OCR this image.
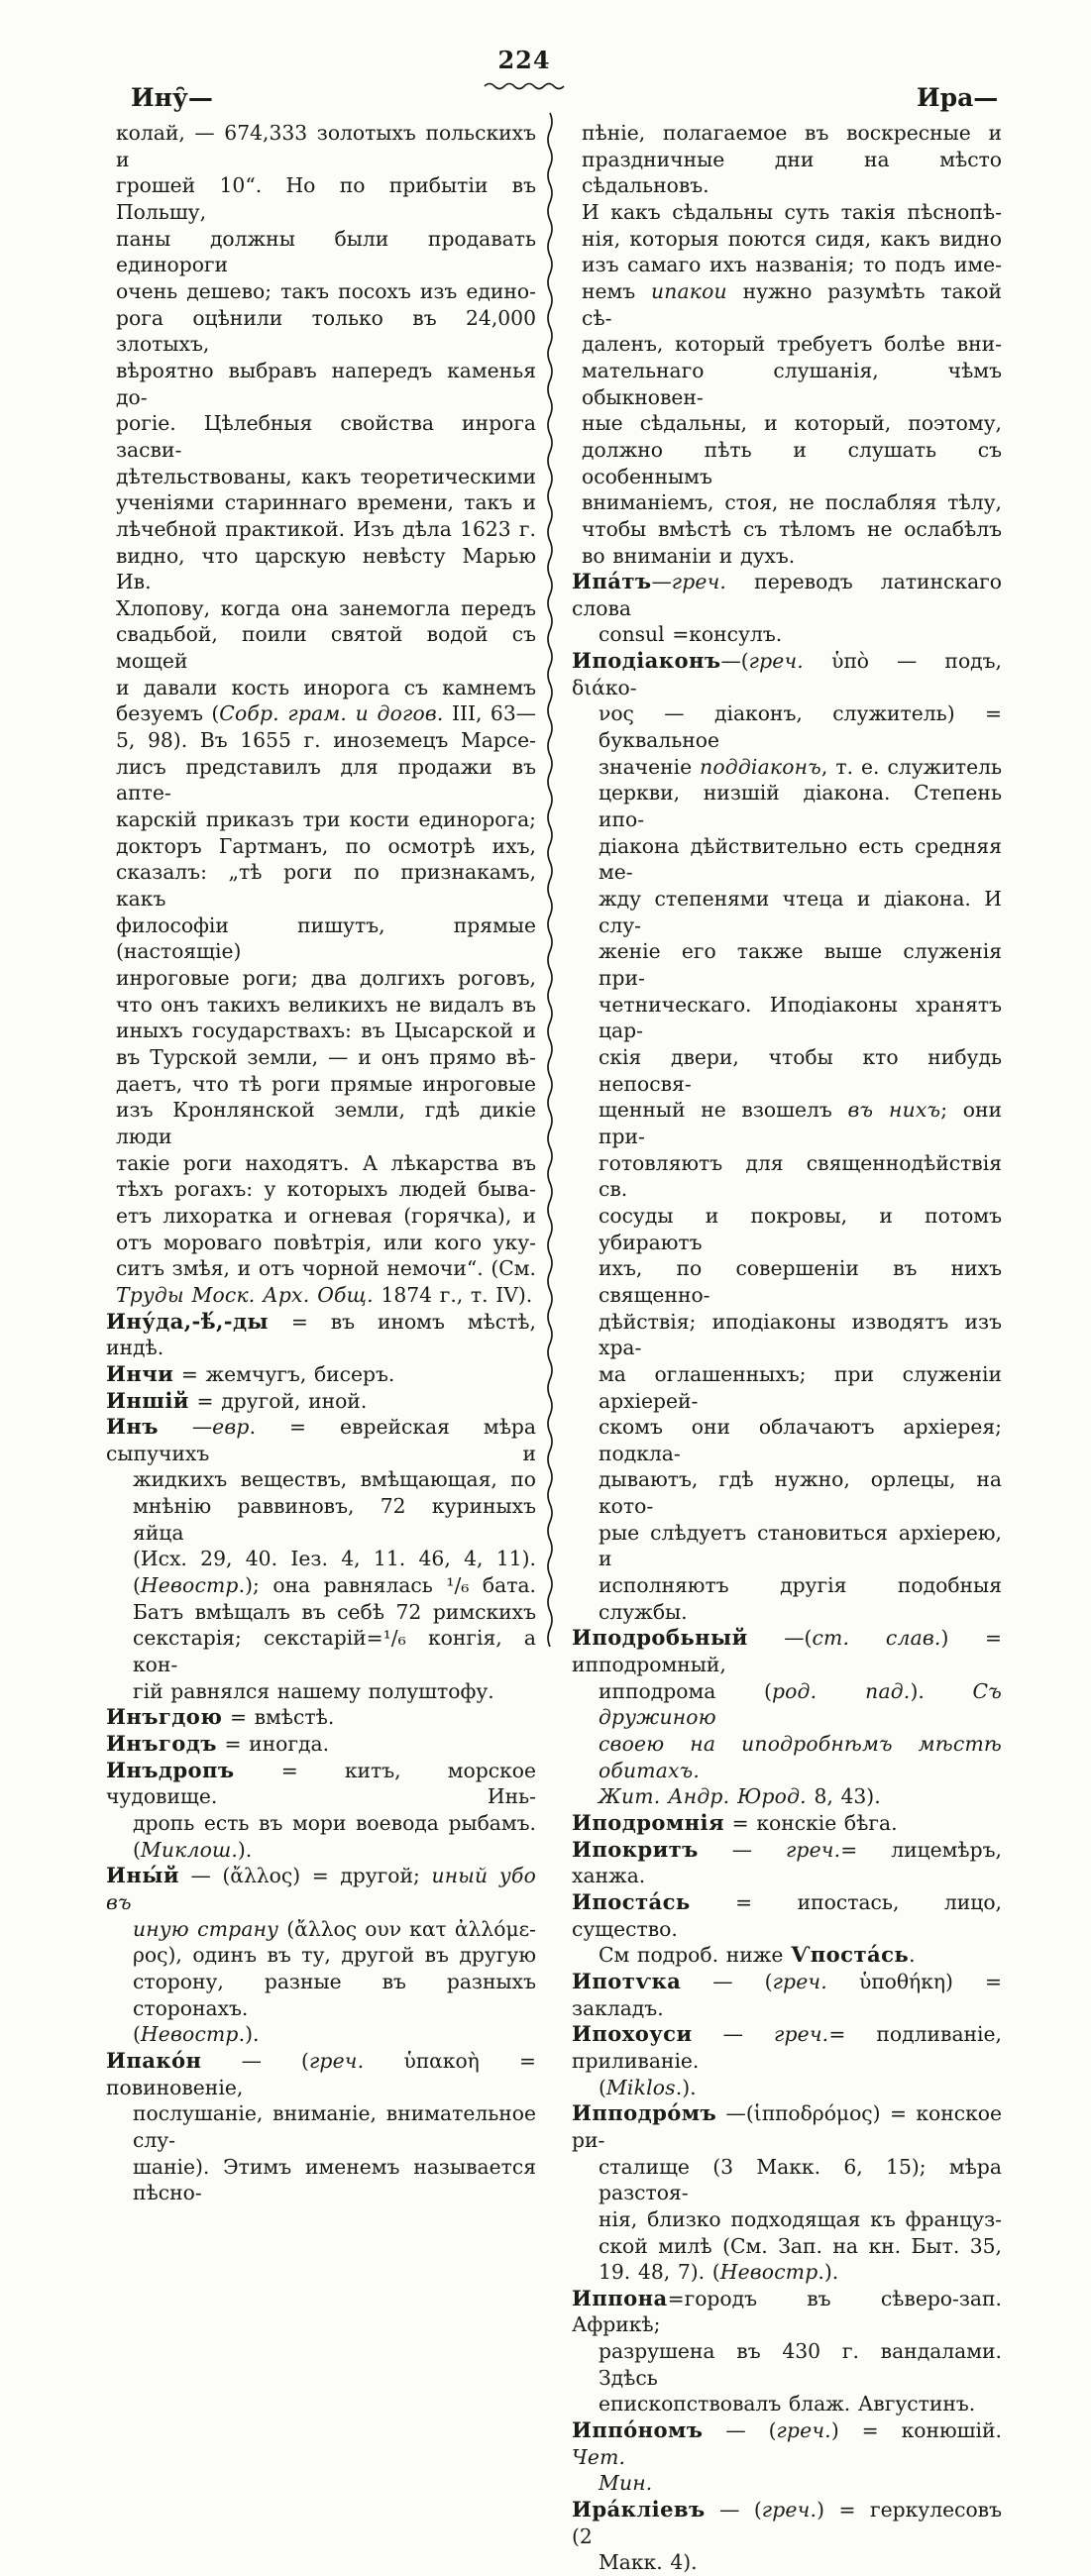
224
Ину̑—	Ира—
колай, — 674,333 золотыхъ польскихъ и
грошей 10“. Но по прибытіи въ Польшу,
паны должны были продавать единороги
очень дешево; такъ посохъ изъ едино-
рога оцѣнили только въ 24,000 злотыхъ,
вѣроятно выбравъ напередъ каменья до-
рогіе. Цѣлебныя свойства инрога засви-
дѣтельствованы, какъ теоретическими
ученіями стариннаго времени, такъ и
лѣчебной практикой. Изъ дѣла 1623 г.
видно, что царскую невѣсту Марью Ив.
Хлопову, когда она занемогла передъ
свадьбой, поили святой водой съ мощей
и давали кость инорога съ камнемъ
безуемъ (Собр. грам. и догов. III, 63—
5, 98). Въ 1655 г. иноземецъ Марсе-
лисъ представилъ для продажи въ апте-
карскій приказъ три кости единорога;
докторъ Гартманъ, по осмотрѣ ихъ,
сказалъ: „тѣ роги по признакамъ, какъ
философіи пишутъ, прямые (настоящіе)
инроговые роги; два долгихъ роговъ,
что онъ такихъ великихъ не видалъ въ
иныхъ государствахъ: въ Цысарской и
въ Турской земли, — и онъ прямо вѣ-
даетъ, что тѣ роги прямые инроговые
изъ Кронлянской земли, гдѣ дикіе люди
такіе роги находятъ. А лѣкарства въ
тѣхъ рогахъ: у которыхъ людей быва-
етъ лихоратка и огневая (горячка), и
отъ мороваго повѣтрія, или кого уку-
ситъ змѣя, и отъ чорной немочи“. (См.
Труды Моск. Арх. Общ. 1874 г., т. IV).
Ину́да,-ѣ́,-ды = въ иномъ мѣстѣ, индѣ.
Инчи = жемчугъ, бисеръ.
Иншій = другой, иной.
Инъ —евр. = еврейская мѣра сыпучихъ и
жидкихъ веществъ, вмѣщающая, по
мнѣнію раввиновъ, 72 куриныхъ яйца
(Исх. 29, 40. Іез. 4, 11. 46, 4, 11).
(Невостр.); она равнялась ¹/₆ бата.
Батъ вмѣщалъ въ себѣ 72 римскихъ
секстарія; секстарій=¹/₆ конгія, а кон-
гій равнялся нашему полуштофу.
Инъгдою = вмѣстѣ.
Инъгодъ = иногда.
Инъдропъ = китъ, морское чудовище. Инь-
дропь есть въ мори воевода рыбамъ.
(Миклош.).
Ины́й — (ἄλλος) = другой; иный убо въ
иную страну (ἄλλος ουν κατ ἀλλόμε-
ρος), одинъ въ ту, другой въ другую
сторону, разные въ разныхъ сторонахъ.
(Невостр.).
Ипако́н — (греч. ὑπακοὴ = повиновеніе,
послушаніе, вниманіе, внимательное слу-
шаніе). Этимъ именемъ называется пѣсно-
пѣніе, полагаемое въ воскресные и
праздничные дни на мѣсто сѣдальновъ.
И какъ сѣдальны суть такія пѣснопѣ-
нія, которыя поются сидя, какъ видно
изъ самаго ихъ названія; то подъ име-
немъ ипакои нужно разумѣть такой сѣ-
даленъ, который требуетъ болѣе вни-
мательнаго слушанія, чѣмъ обыкновен-
ные сѣдальны, и который, поэтому,
должно пѣть и слушать съ особеннымъ
вниманіемъ, стоя, не послабляя тѣлу,
чтобы вмѣстѣ съ тѣломъ не ослабѣлъ
во вниманіи и духъ.
Ипа́тъ—греч. переводъ латинскаго слова
consul =консулъ.
Иподіаконъ—(греч. ὑπὸ — подъ, διάκο-
νος — діаконъ, служитель) = буквальное
значеніе поддіаконъ, т. е. служитель
церкви, низшій діакона. Степень ипо-
діакона дѣйствительно есть средняя ме-
жду степенями чтеца и діакона. И слу-
женіе его также выше служенія при-
четническаго. Иподіаконы хранятъ цар-
скія двери, чтобы кто нибудь непосвя-
щенный не взошелъ въ нихъ; они при-
готовляютъ для священнодѣйствія св.
сосуды и покровы, и потомъ убираютъ
ихъ, по совершеніи въ нихъ священно-
дѣйствія; иподіаконы изводятъ изъ хра-
ма оглашенныхъ; при служеніи архіерей-
скомъ они облачаютъ архіерея; подкла-
дываютъ, гдѣ нужно, орлецы, на кото-
рые слѣдуетъ становиться архіерею, и
исполняютъ другія подобныя службы.
Иподробьный —(ст. слав.) = ипподромный,
ипподрома (род. пад.). Съ дружиною
своею на иподробнѣмъ мѣстѣ обитахъ.
Жит. Андр. Юрод. 8, 43).
Иподромнія = конскіе бѣга.
Ипокритъ — греч.= лицемѣръ, ханжа.
Ипоста́сь = ипостась, лицо, существо.
См подроб. ниже Ѵпоста́сь.
Ипотѵка — (греч. ὑποθήκη) = закладъ.
Ипохоуси — греч.= подливаніе, приливаніе.
(Miklos.).
Ипподро́мъ —(ἱπποδρόμος) = конское ри-
сталище (3 Макк. 6, 15); мѣра разстоя-
нія, близко подходящая къ француз-
ской милѣ (См. Зап. на кн. Быт. 35,
19. 48, 7). (Невостр.).
Иппона=городъ въ сѣверо-зап. Африкѣ;
разрушена въ 430 г. вандалами. Здѣсь
епископствовалъ блаж. Августинъ.
Иппо́номъ — (греч.) = конюшій. Чет.
Мин.
Ира́кліевъ — (греч.) = геркулесовъ (2
Макк. 4).
